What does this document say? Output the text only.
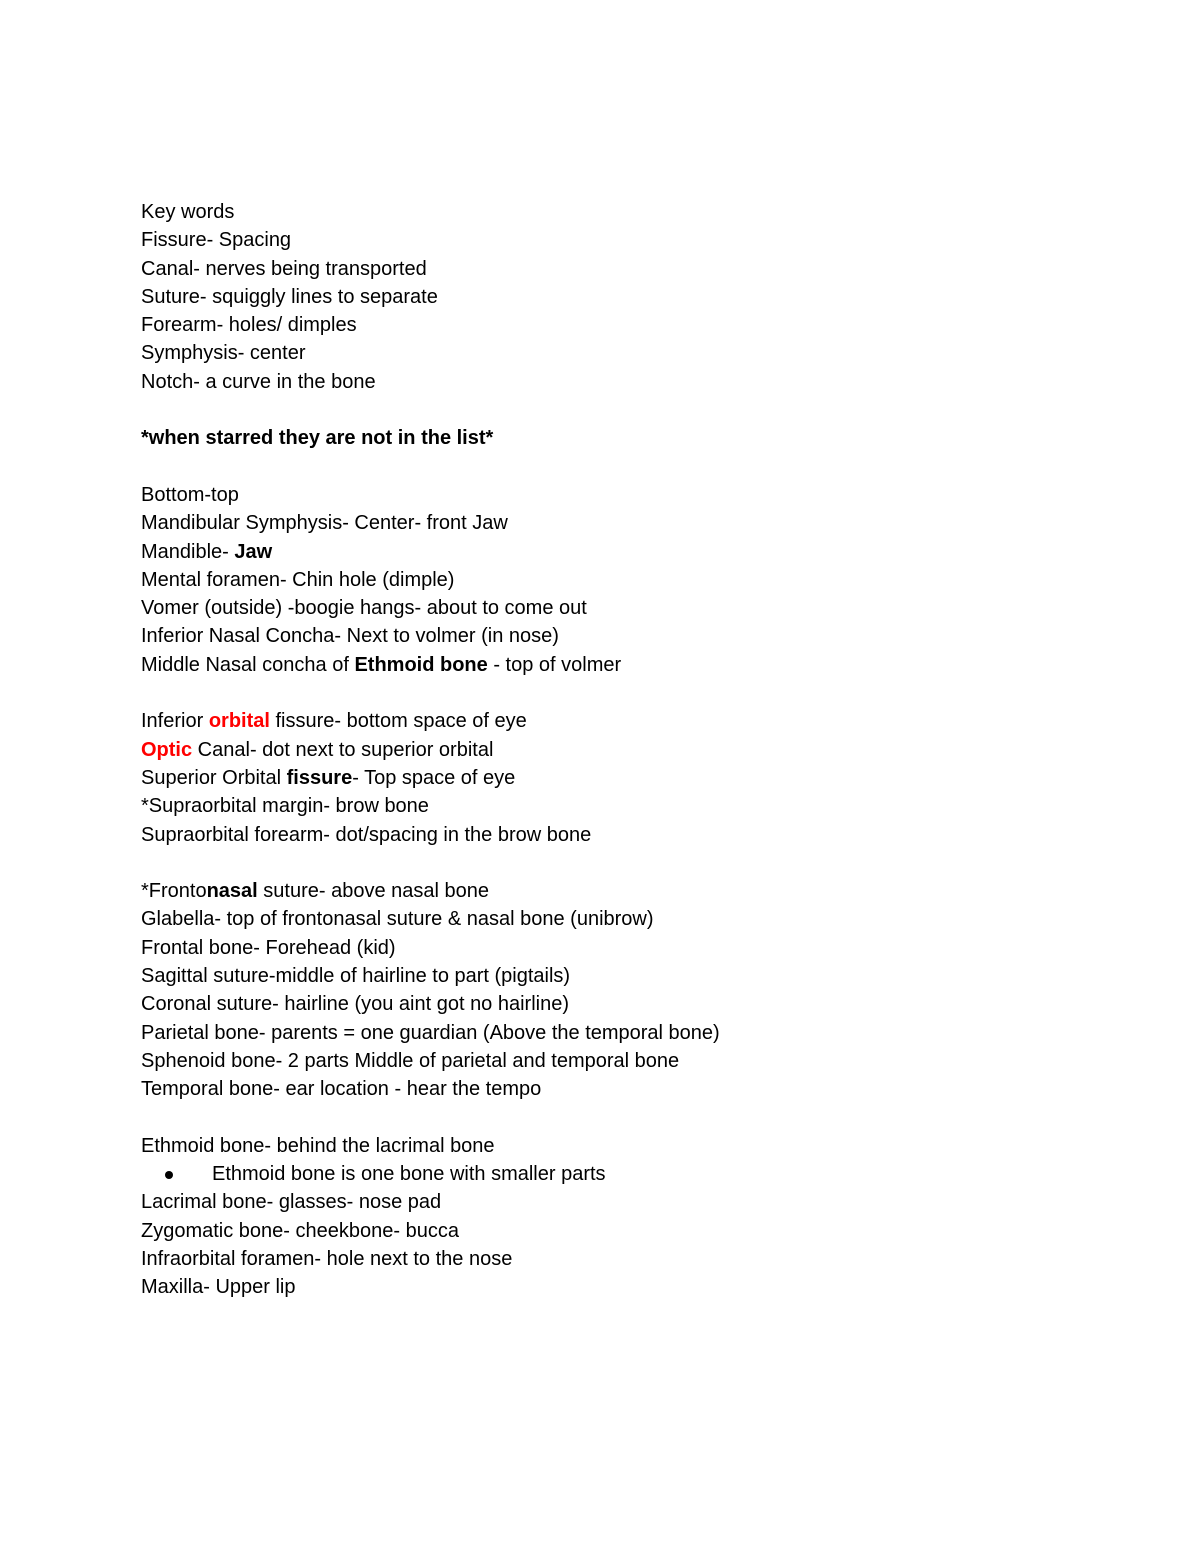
Key words
Fissure- Spacing
Canal- nerves being transported
Suture- squiggly lines to separate
Forearm- holes/ dimples
Symphysis- center
Notch- a curve in the bone
*when starred they are not in the list*
Bottom-top
Mandibular Symphysis- Center- front Jaw
Mandible- Jaw
Mental foramen- Chin hole (dimple)
Vomer (outside) -boogie hangs- about to come out
Inferior Nasal Concha- Next to volmer (in nose)
Middle Nasal concha of Ethmoid bone - top of volmer
Inferior orbital fissure- bottom space of eye
Optic Canal- dot next to superior orbital
Superior Orbital fissure- Top space of eye
*Supraorbital margin- brow bone
Supraorbital forearm- dot/spacing in the brow bone
*Frontonasal suture- above nasal bone
Glabella- top of frontonasal suture & nasal bone (unibrow)
Frontal bone- Forehead (kid)
Sagittal suture-middle of hairline to part (pigtails)
Coronal suture- hairline (you aint got no hairline)
Parietal bone- parents = one guardian (Above the temporal bone)
Sphenoid bone- 2 parts Middle of parietal and temporal bone
Temporal bone- ear location - hear the tempo
Ethmoid bone- behind the lacrimal bone
Ethmoid bone is one bone with smaller parts
Lacrimal bone- glasses- nose pad
Zygomatic bone- cheekbone- bucca
Infraorbital foramen- hole next to the nose
Maxilla- Upper lip
